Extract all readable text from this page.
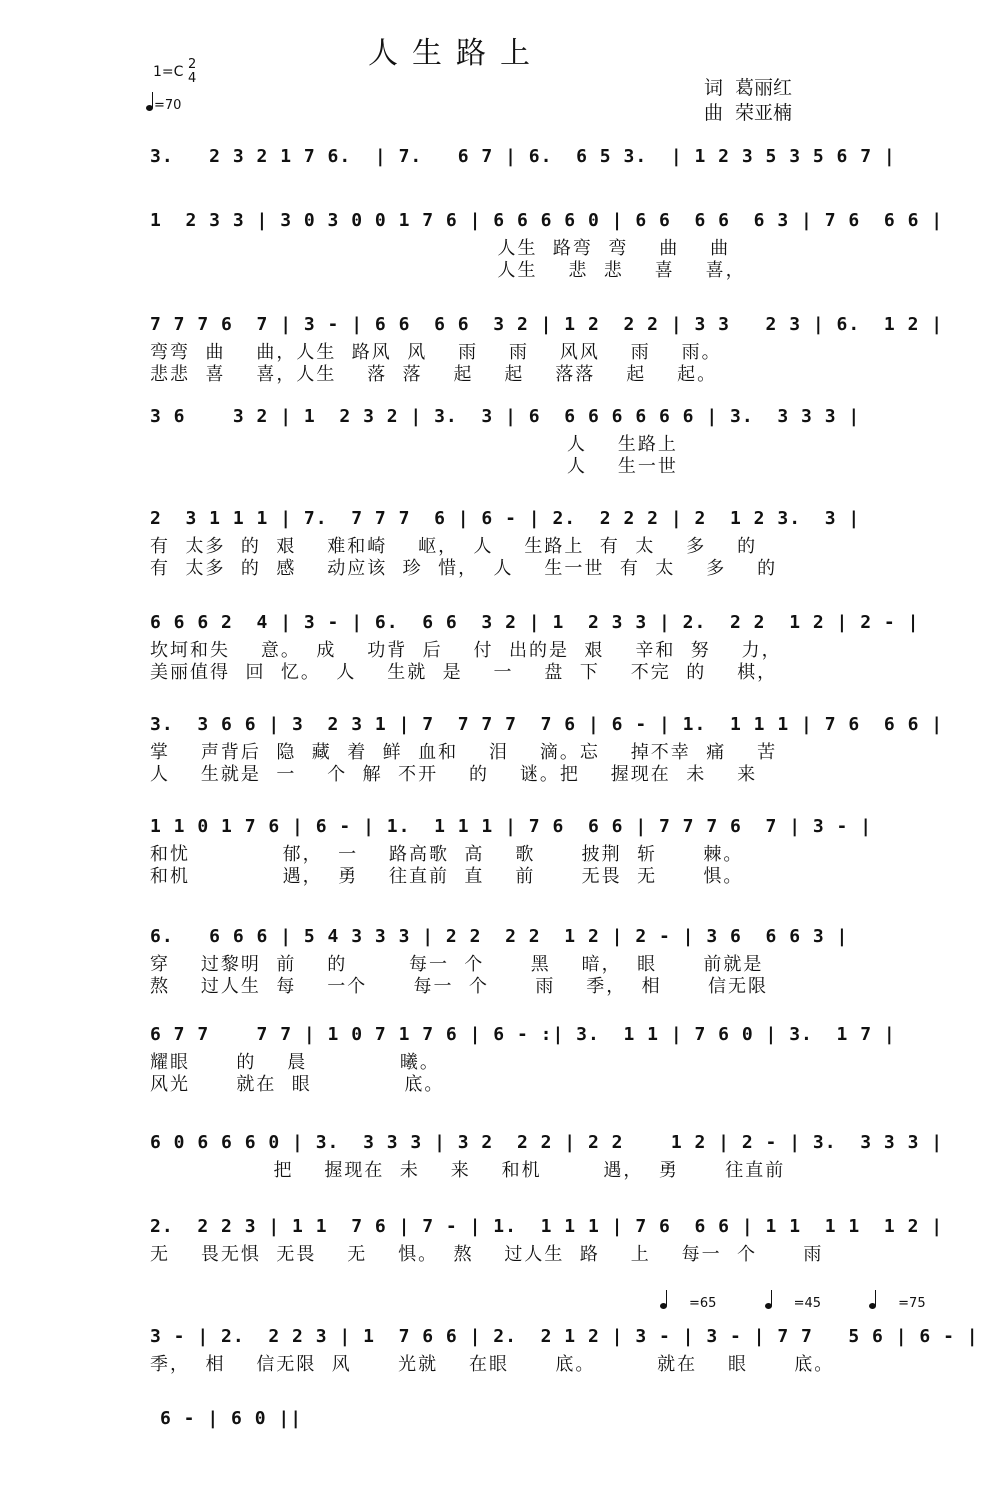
人生路上
1=C 2
4
=70
词 葛丽红
曲 荣亚楠
3.   2 3 2 1 7 6.  | 7.   6 7 | 6.  6 5 3.  | 1 2 3 5 3 5 6 7 |
1  2 3 3 | 3 0 3 0 0 1 7 6 | 6 6 6 6 0 | 6 6  6 6  6 3 | 7 6  6 6 |
人生  路弯  弯    曲    曲
人生    悲  悲    喜    喜，
7 7 7 6  7 | 3 - | 6 6  6 6  3 2 | 1 2  2 2 | 3 3   2 3 | 6.  1 2 |
弯弯  曲    曲，人生  路风  风    雨    雨    风风    雨    雨。
悲悲  喜    喜，人生    落  落    起    起    落落    起    起。
3 6    3 2 | 1  2 3 2 | 3.  3 | 6  6 6 6 6 6 6 | 3.  3 3 3 |
人    生路上
人    生一世
2  3 1 1 1 | 7.  7 7 7  6 | 6 - | 2.  2 2 2 | 2  1 2 3.  3 |
有  太多  的  艰    难和崎    岖，  人    生路上  有  太    多    的
有  太多  的  感    动应该  珍  惜，  人    生一世  有  太    多    的
6 6 6 2  4 | 3 - | 6.  6 6  3 2 | 1  2 3 3 | 2.  2 2  1 2 | 2 - |
坎坷和失    意。  成    功背  后    付  出的是  艰    辛和  努    力，
美丽值得  回  忆。  人    生就  是    一    盘  下    不完  的    棋，
3.  3 6 6 | 3  2 3 1 | 7  7 7 7  7 6 | 6 - | 1.  1 1 1 | 7 6  6 6 |
掌    声背后  隐  藏  着  鲜  血和    泪    滴。忘    掉不幸  痛    苦
人    生就是  一    个  解  不开    的    谜。把    握现在  未    来
1 1 0 1 7 6 | 6 - | 1.  1 1 1 | 7 6  6 6 | 7 7 7 6  7 | 3 - |
和忧            郁，  一    路高歌  高    歌      披荆  斩      棘。
和机            遇，  勇    往直前  直    前      无畏  无      惧。
6.   6 6 6 | 5 4 3 3 3 | 2 2  2 2  1 2 | 2 - | 3 6  6 6 3 |
穿    过黎明  前    的        每一  个      黑    暗，  眼      前就是
熬    过人生  每    一个      每一  个      雨    季，  相      信无限
6 7 7    7 7 | 1 0 7 1 7 6 | 6 - :| 3.  1 1 | 7 6 0 | 3.  1 7 |
耀眼      的    晨            曦。
风光      就在  眼            底。
6 0 6 6 6 0 | 3.  3 3 3 | 3 2  2 2 | 2 2    1 2 | 2 - | 3.  3 3 3 |
把    握现在  未    来    和机        遇，  勇      往直前
2.  2 2 3 | 1 1  7 6 | 7 - | 1.  1 1 1 | 7 6  6 6 | 1 1  1 1  1 2 |
无    畏无惧  无畏    无    惧。  熬    过人生  路    上    每一  个      雨
=65	=45	=75
3 - | 2.  2 2 3 | 1  7 6 6 | 2.  2 1 2 | 3 - | 3 - | 7 7   5 6 | 6 - |
季，  相    信无限  风      光就    在眼      底。        就在    眼      底。
6 - | 6 0 ||
